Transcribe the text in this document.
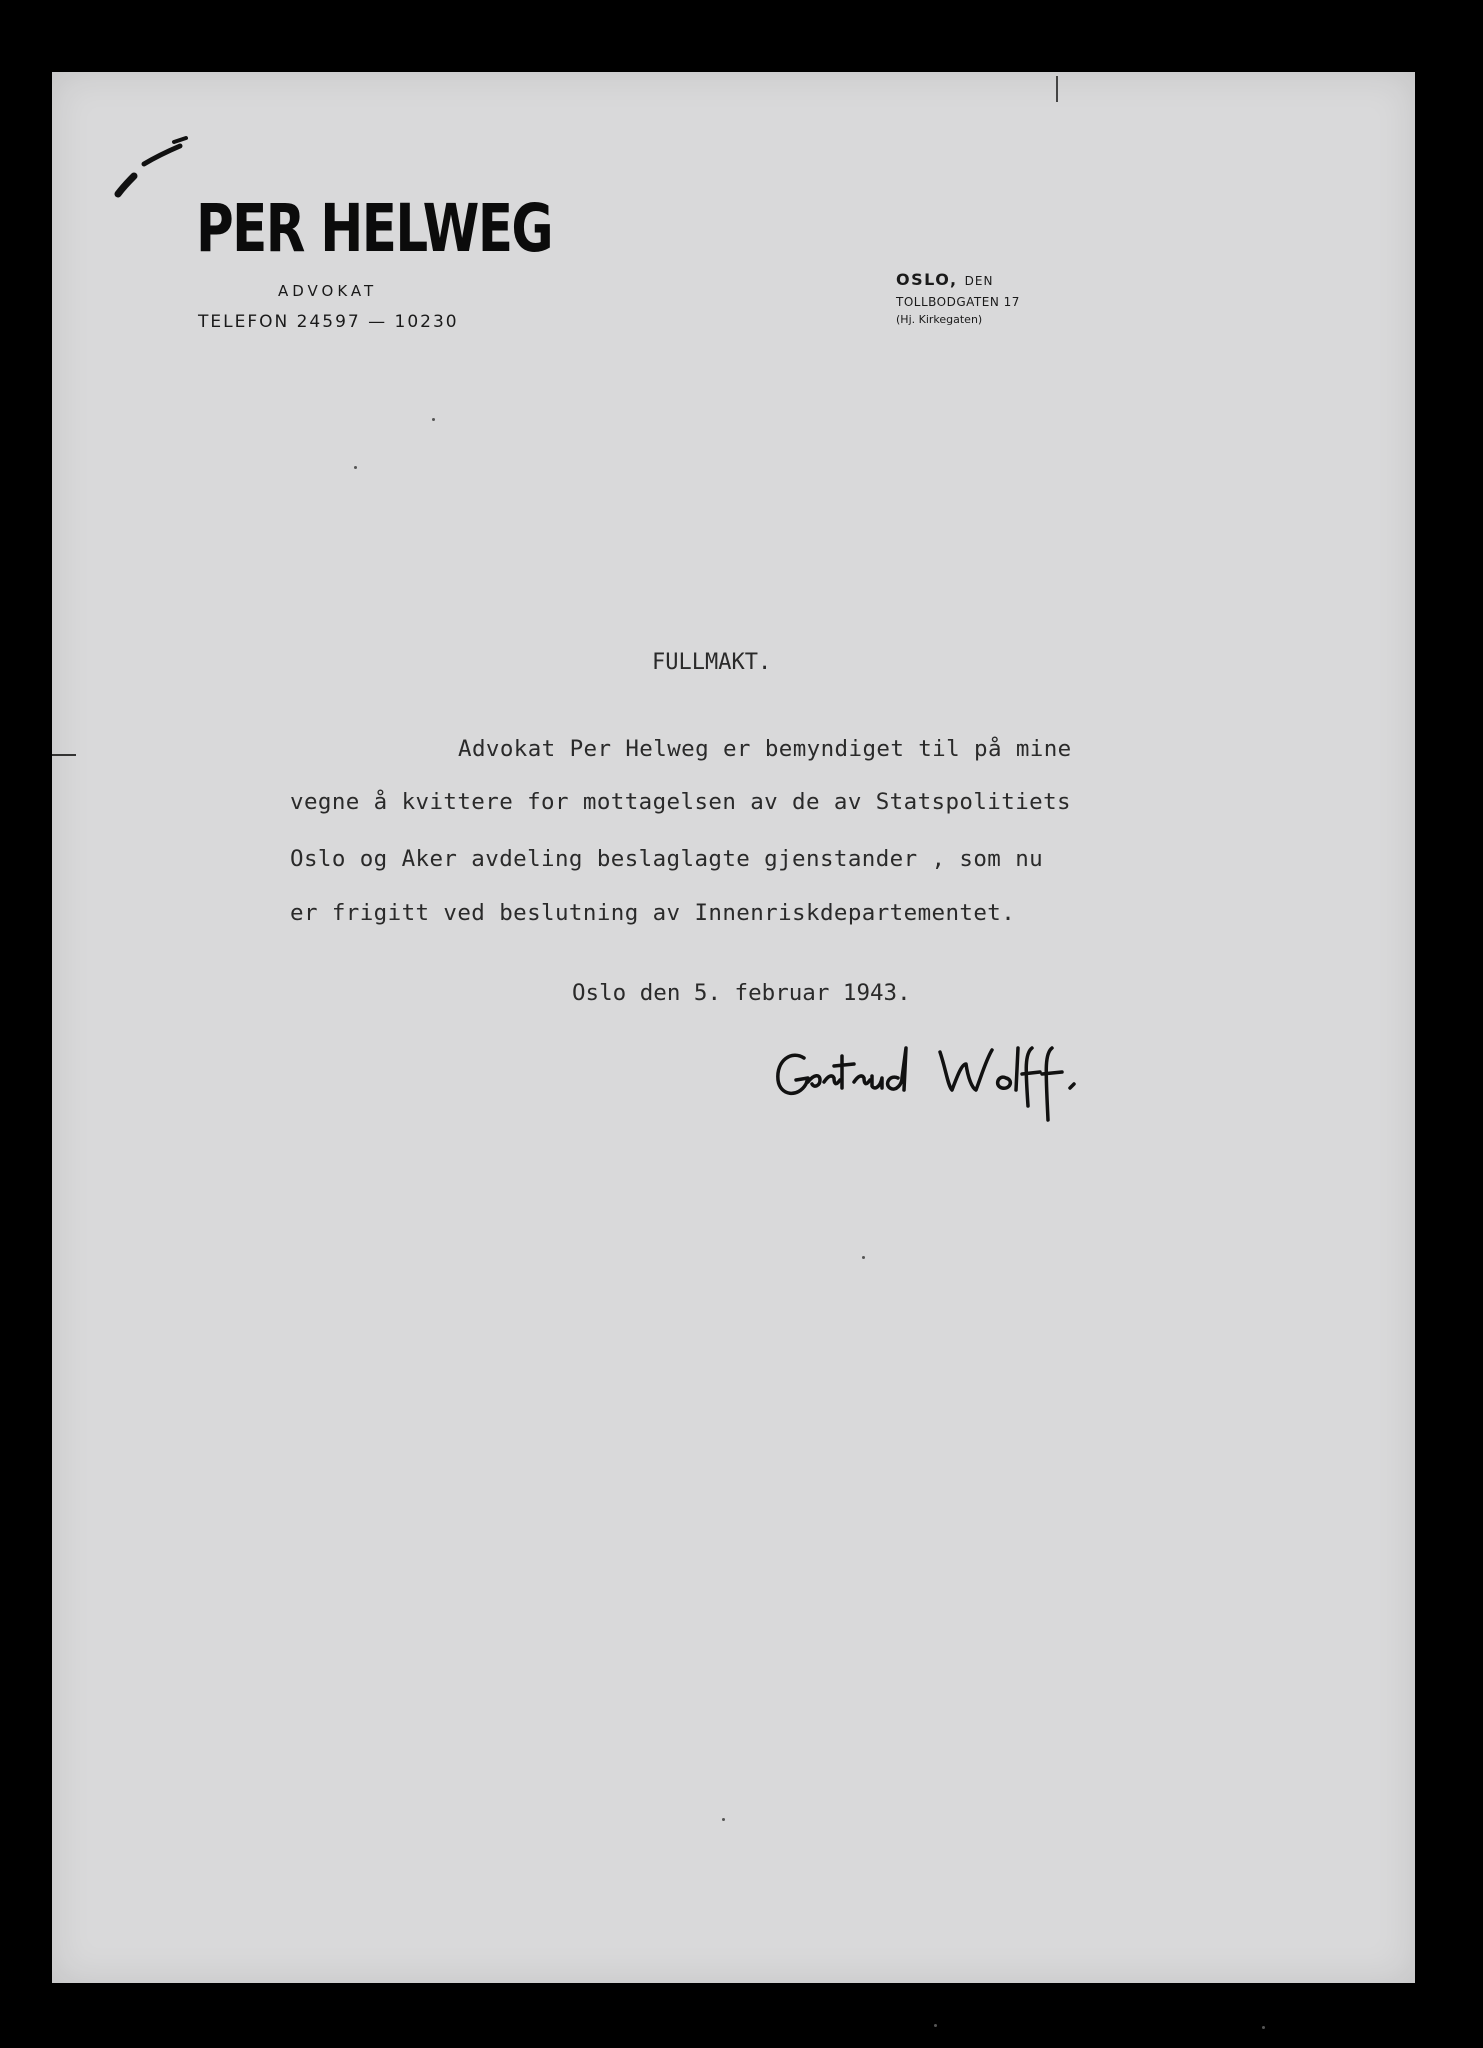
PER HELWEG
ADVOKAT
TELEFON 24597 — 10230
OSLO, DEN
TOLLBODGATEN 17
(Hj. Kirkegaten)
FULLMAKT.
Advokat Per Helweg er bemyndiget til på mine
vegne å kvittere for mottagelsen av de av Statspolitiets
Oslo og Aker avdeling beslaglagte gjenstander , som nu
er frigitt ved beslutning av Innenriskdepartementet.
Oslo den 5. februar 1943.
